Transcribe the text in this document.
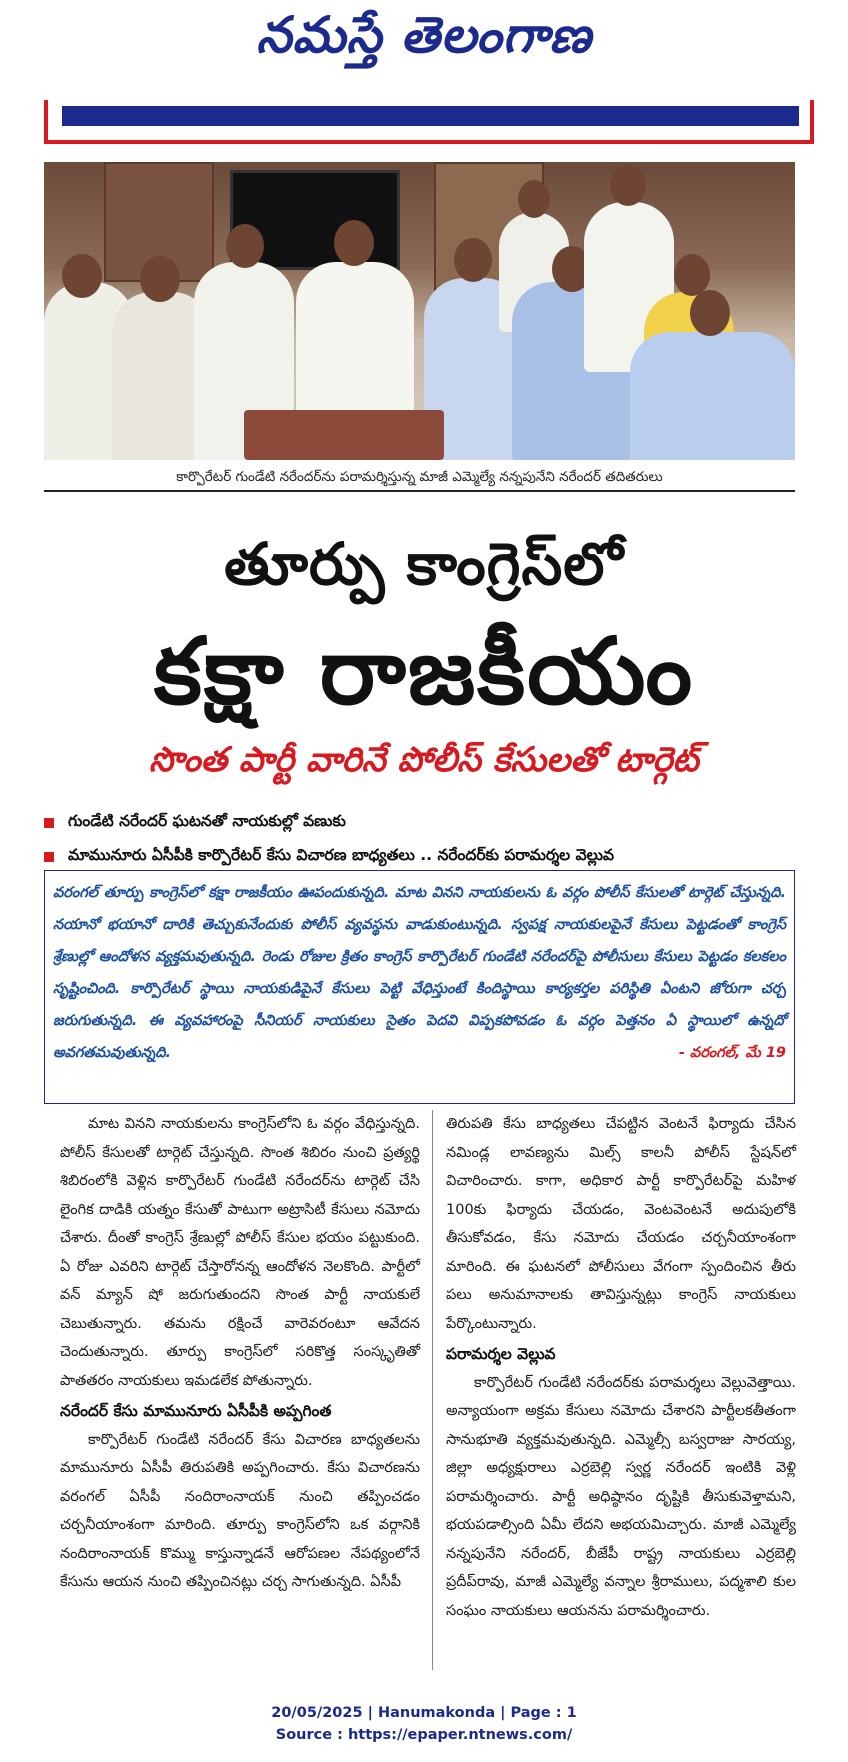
నమస్తే తెలంగాణ
కార్పొరేటర్ గుండేటి నరేందర్‌ను పరామర్శిస్తున్న మాజీ ఎమ్మెల్యే నన్నపునేని నరేందర్ తదితరులు
తూర్పు కాంగ్రెస్‌లో
కక్షా రాజకీయం
సొంత పార్టీ వారినే పోలీస్ కేసులతో టార్గెట్
గుండేటి నరేందర్ ఘటనతో నాయకుల్లో వణుకు
మామునూరు ఏసీపీకి కార్పొరేటర్ కేసు విచారణ బాధ్యతలు .. నరేందర్‌కు పరామర్శల వెల్లువ

వరంగల్ తూర్పు కాంగ్రెస్‌లో కక్షా రాజకీయం ఊపందుకున్నది. మాట వినని నాయకులను ఓ వర్గం పోలీస్ కేసులతో టార్గెట్ చేస్తున్నది. నయానో భయానో దారికి తెచ్చుకునేందుకు పోలీస్ వ్యవస్థను వాడుకుంటున్నది. స్వపక్ష నాయకులపైనే కేసులు పెట్టడంతో కాంగ్రెస్ శ్రేణుల్లో ఆందోళన వ్యక్తమవుతున్నది. రెండు రోజుల క్రితం కాంగ్రెస్ కార్పొరేటర్ గుండేటి నరేందర్‌పై పోలీసులు కేసులు పెట్టడం కలకలం సృష్టించింది. కార్పొరేటర్ స్థాయి నాయకుడిపైనే కేసులు పెట్టి వేధిస్తుంటే కిందిస్థాయి కార్యకర్తల పరిస్థితి ఏంటని జోరుగా చర్చ జరుగుతున్నది. ఈ వ్యవహారంపై సీనియర్ నాయకులు సైతం పెదవి విప్పకపోవడం ఓ వర్గం పెత్తనం ఏ స్థాయిలో ఉన్నదో అవగతమవుతున్నది.	- వరంగల్, మే 19

మాట వినని నాయకులను కాంగ్రెస్‌లోని ఓ వర్గం వేధిస్తున్నది. పోలీస్ కేసులతో టార్గెట్ చేస్తున్నది. సొంత శిబిరం నుంచి ప్రత్యర్థి శిబిరంలోకి వెళ్లిన కార్పొరేటర్ గుండేటి నరేందర్‌ను టార్గెట్ చేసి లైంగిక దాడికి యత్నం కేసుతో పాటుగా అట్రాసిటీ కేసులు నమోదు చేశారు. దీంతో కాంగ్రెస్ శ్రేణుల్లో పోలీస్ కేసుల భయం పట్టుకుంది. ఏ రోజు ఎవరిని టార్గెట్ చేస్తారోనన్న ఆందోళన నెలకొంది. పార్టీలో వన్ మ్యాన్ షో జరుగుతుందని సొంత పార్టీ నాయకులే చెబుతున్నారు. తమను రక్షించే వారెవరంటూ ఆవేదన చెందుతున్నారు. తూర్పు కాంగ్రెస్‌లో సరికొత్త సంస్కృతితో పాతతరం నాయకులు ఇమడలేక పోతున్నారు.

నరేందర్ కేసు మామునూరు ఏసీపీకి అప్పగింత

కార్పొరేటర్ గుండేటి నరేందర్ కేసు విచారణ బాధ్యతలను మామునూరు ఏసీపీ తిరుపతికి అప్పగించారు. కేసు విచారణను వరంగల్ ఏసీపీ నందిరాంనాయక్ నుంచి తప్పించడం చర్చనీయాంశంగా మారింది. తూర్పు కాంగ్రెస్‌లోని ఒక వర్గానికి నందిరాంనాయక్ కొమ్ము కాస్తున్నాడనే ఆరోపణల నేపథ్యంలోనే కేసును ఆయన నుంచి తప్పించినట్లు చర్చ సాగుతున్నది. ఏసీపీ

తిరుపతి కేసు బాధ్యతలు చేపట్టిన వెంటనే ఫిర్యాదు చేసిన నమిండ్ల లావణ్యను మిల్స్ కాలనీ పోలీస్ స్టేషన్‌లో విచారించారు. కాగా, అధికార పార్టీ కార్పొరేటర్‌పై మహిళ 100కు ఫిర్యాదు చేయడం, వెంటవెంటనే అదుపులోకి తీసుకోవడం, కేసు నమోదు చేయడం చర్చనీయాంశంగా మారింది. ఈ ఘటనలో పోలీసులు వేగంగా స్పందించిన తీరు పలు అనుమానాలకు తావిస్తున్నట్లు కాంగ్రెస్ నాయకులు పేర్కొంటున్నారు.

పరామర్శల వెల్లువ

కార్పొరేటర్ గుండేటి నరేందర్‌కు పరామర్శలు వెల్లువెత్తాయి. అన్యాయంగా అక్రమ కేసులు నమోదు చేశారని పార్టీలకతీతంగా సానుభూతి వ్యక్తమవుతున్నది. ఎమ్మెల్సీ బస్వరాజు సారయ్య, జిల్లా అధ్యక్షురాలు ఎర్రబెల్లి స్వర్ణ నరేందర్ ఇంటికి వెళ్లి పరామర్శించారు. పార్టీ అధిష్ఠానం దృష్టికి తీసుకువెళ్తామని, భయపడాల్సింది ఏమీ లేదని అభయమిచ్చారు. మాజీ ఎమ్మెల్యే నన్నపునేని నరేందర్, బీజేపీ రాష్ట్ర నాయకులు ఎర్రబెల్లి ప్రదీప్‌రావు, మాజీ ఎమ్మెల్యే వన్నాల శ్రీరాములు, పద్మశాలి కుల సంఘం నాయకులు ఆయనను పరామర్శించారు.

20/05/2025 | Hanumakonda | Page : 1
Source : https://epaper.ntnews.com/
